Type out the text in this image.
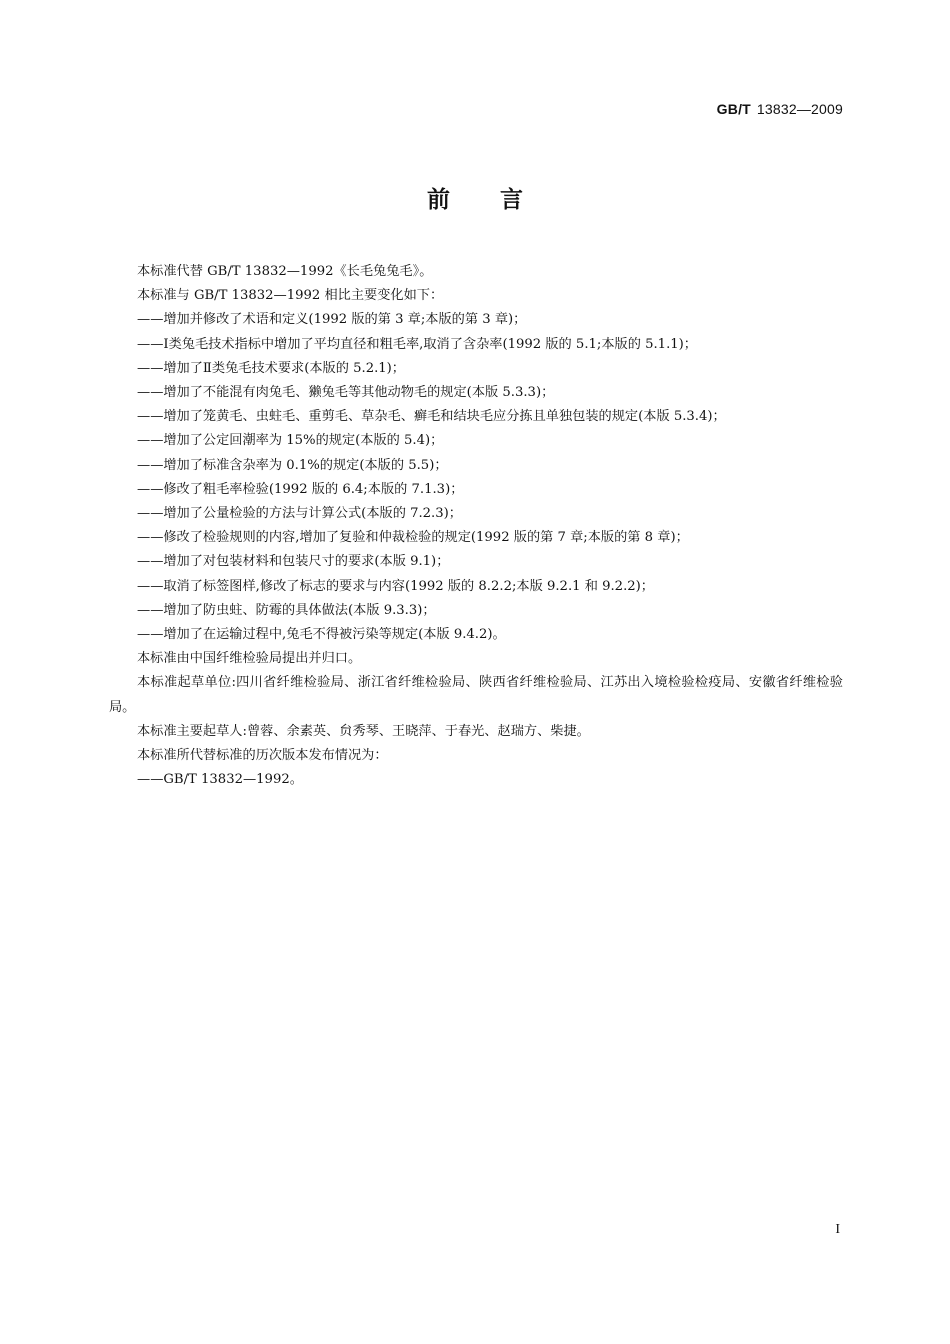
GB/T 13832—2009
前言

本标准代替 GB/T 13832—1992《长毛兔兔毛》。

本标准与 GB/T 13832—1992 相比主要变化如下：

——增加并修改了术语和定义(1992 版的第 3 章;本版的第 3 章)；

——Ⅰ类兔毛技术指标中增加了平均直径和粗毛率,取消了含杂率(1992 版的 5.1;本版的 5.1.1)；

——增加了Ⅱ类兔毛技术要求(本版的 5.2.1)；

——增加了不能混有肉兔毛、獭兔毛等其他动物毛的规定(本版 5.3.3)；

——增加了笼黄毛、虫蛀毛、重剪毛、草杂毛、癣毛和结块毛应分拣且单独包装的规定(本版 5.3.4)；

——增加了公定回潮率为 15%的规定(本版的 5.4)；

——增加了标准含杂率为 0.1%的规定(本版的 5.5)；

——修改了粗毛率检验(1992 版的 6.4;本版的 7.1.3)；

——增加了公量检验的方法与计算公式(本版的 7.2.3)；

——修改了检验规则的内容,增加了复验和仲裁检验的规定(1992 版的第 7 章;本版的第 8 章)；

——增加了对包装材料和包装尺寸的要求(本版 9.1)；

——取消了标签图样,修改了标志的要求与内容(1992 版的 8.2.2;本版 9.2.1 和 9.2.2)；

——增加了防虫蛀、防霉的具体做法(本版 9.3.3)；

——增加了在运输过程中,兔毛不得被污染等规定(本版 9.4.2)。

本标准由中国纤维检验局提出并归口。

本标准起草单位:四川省纤维检验局、浙江省纤维检验局、陕西省纤维检验局、江苏出入境检验检疫局、安徽省纤维检验局。

本标准主要起草人:曾蓉、余素英、贠秀琴、王晓萍、于春光、赵瑞方、柴捷。

本标准所代替标准的历次版本发布情况为：

——GB/T 13832—1992。

I
